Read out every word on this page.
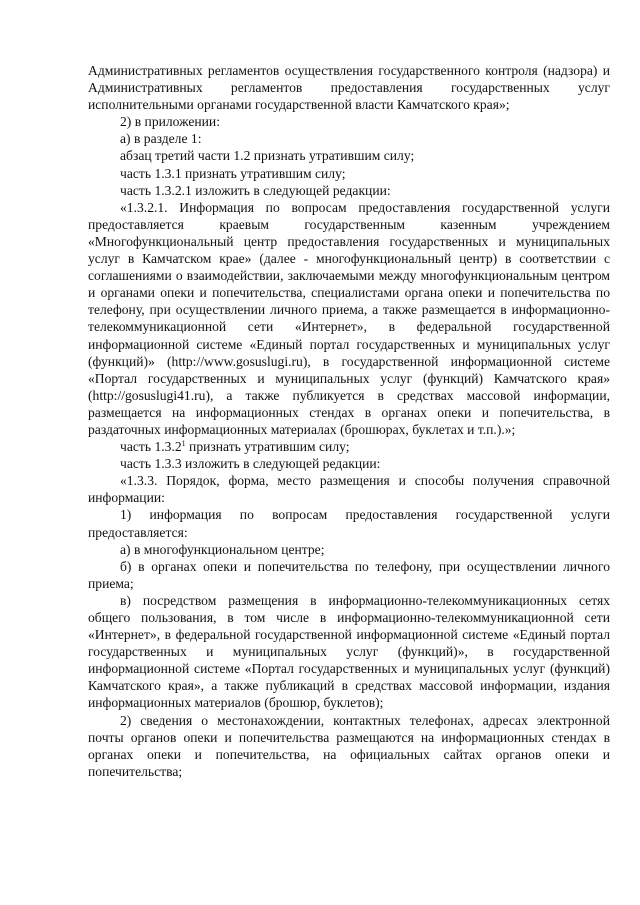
Административных регламентов осуществления государственного контроля (надзора) и Административных регламентов предоставления государственных услуг исполнительными органами государственной власти Камчатского края»;

2) в приложении:

а) в разделе 1:

абзац третий части 1.2 признать утратившим силу;

часть 1.3.1 признать утратившим силу;

часть 1.3.2.1 изложить в следующей редакции:

«1.3.2.1. Информация по вопросам предоставления государственной услуги предоставляется краевым государственным казенным учреждением «Многофункциональный центр предоставления государственных и муниципальных услуг в Камчатском крае» (далее - многофункциональный центр) в соответствии с соглашениями о взаимодействии, заключаемыми между многофункциональным центром и органами опеки и попечительства, специалистами органа опеки и попечительства по телефону, при осуществлении личного приема, а также размещается в информационно-телекоммуникационной сети «Интернет», в федеральной государственной информационной системе «Единый портал государственных и муниципальных услуг (функций)» (http://www.gosuslugi.ru), в государственной информационной системе «Портал государственных и муниципальных услуг (функций) Камчатского края» (http://gosuslugi41.ru), а также публикуется в средствах массовой информации, размещается на информационных стендах в органах опеки и попечительства, в раздаточных информационных материалах (брошюрах, буклетах и т.п.).»;

часть 1.3.2$^1$ признать утратившим силу;

часть 1.3.3 изложить в следующей редакции:

«1.3.3. Порядок, форма, место размещения и способы получения справочной информации:

1) информация по вопросам предоставления государственной услуги предоставляется:

а) в многофункциональном центре;

б) в органах опеки и попечительства по телефону, при осуществлении личного приема;

в) посредством размещения в информационно-телекоммуникационных сетях общего пользования, в том числе в информационно-телекоммуникационной сети «Интернет», в федеральной государственной информационной системе «Единый портал государственных и муниципальных услуг (функций)», в государственной информационной системе «Портал государственных и муниципальных услуг (функций) Камчатского края», а также публикаций в средствах массовой информации, издания информационных материалов (брошюр, буклетов);

2) сведения о местонахождении, контактных телефонах, адресах электронной почты органов опеки и попечительства размещаются на информационных стендах в органах опеки и попечительства, на официальных сайтах органов опеки и попечительства;
